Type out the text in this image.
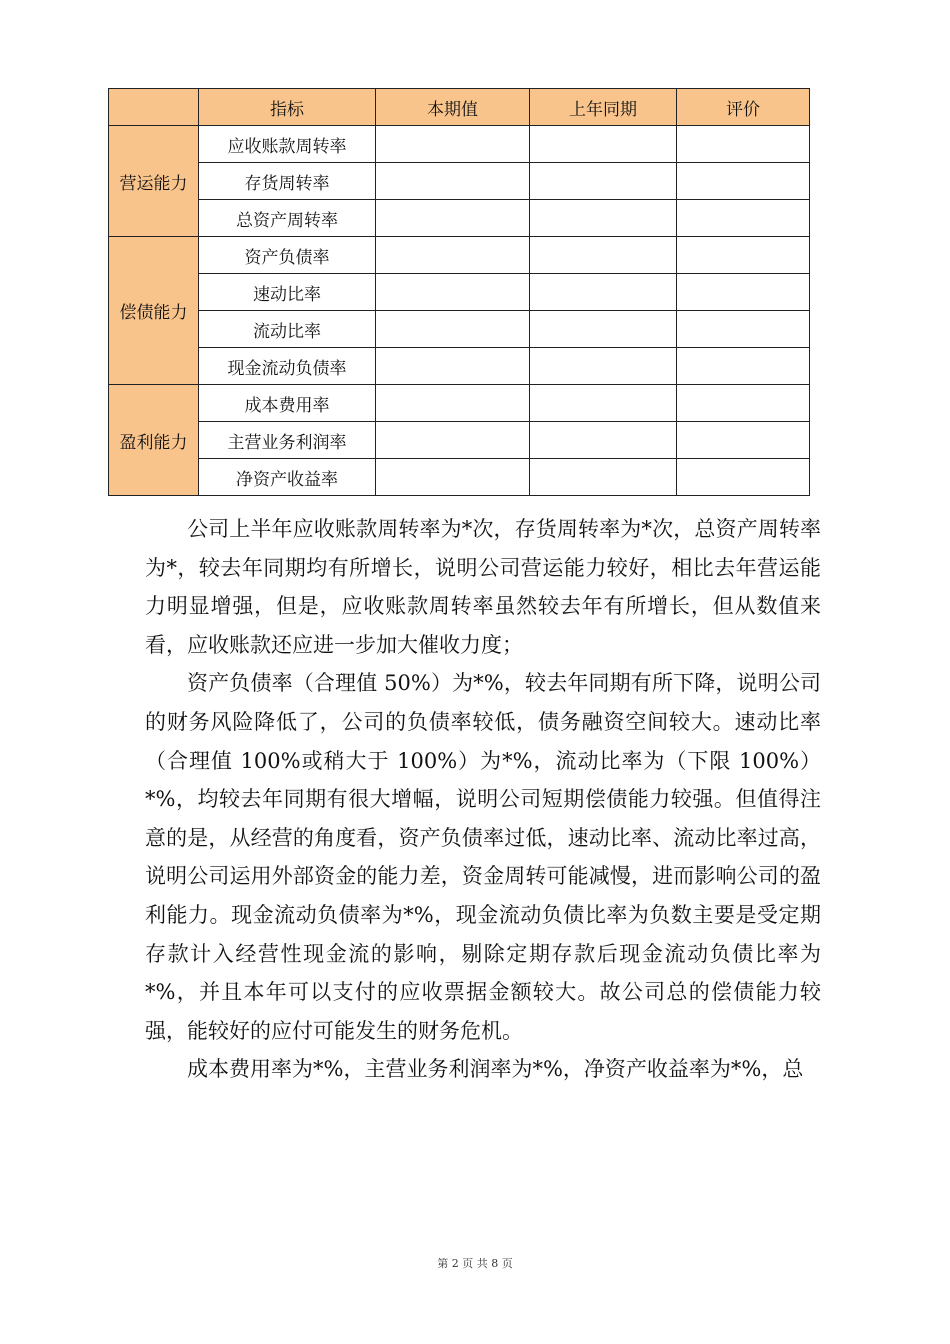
	指标	本期值	上年同期	评价
营运能力	应收账款周转率			
	存货周转率			
	总资产周转率			
偿债能力	资产负债率			
	速动比率			
	流动比率			
	现金流动负债率			
盈利能力	成本费用率			
	主营业务利润率			
	净资产收益率			

公司上半年应收账款周转率为*次，存货周转率为*次，总资产周转率为*，较去年同期均有所增长，说明公司营运能力较好，相比去年营运能力明显增强，但是，应收账款周转率虽然较去年有所增长，但从数值来看，应收账款还应进一步加大催收力度；

资产负债率（合理值 50%）为*%，较去年同期有所下降，说明公司的财务风险降低了，公司的负债率较低，债务融资空间较大。速动比率（合理值 100%或稍大于 100%）为*%，流动比率为（下限 100%）*%，均较去年同期有很大增幅，说明公司短期偿债能力较强。但值得注意的是，从经营的角度看，资产负债率过低，速动比率、流动比率过高，说明公司运用外部资金的能力差，资金周转可能减慢，进而影响公司的盈利能力。现金流动负债率为*%，现金流动负债比率为负数主要是受定期存款计入经营性现金流的影响，剔除定期存款后现金流动负债比率为*%，并且本年可以支付的应收票据金额较大。故公司总的偿债能力较强，能较好的应付可能发生的财务危机。

成本费用率为*%，主营业务利润率为*%，净资产收益率为*%，总

第 2 页 共 8 页
